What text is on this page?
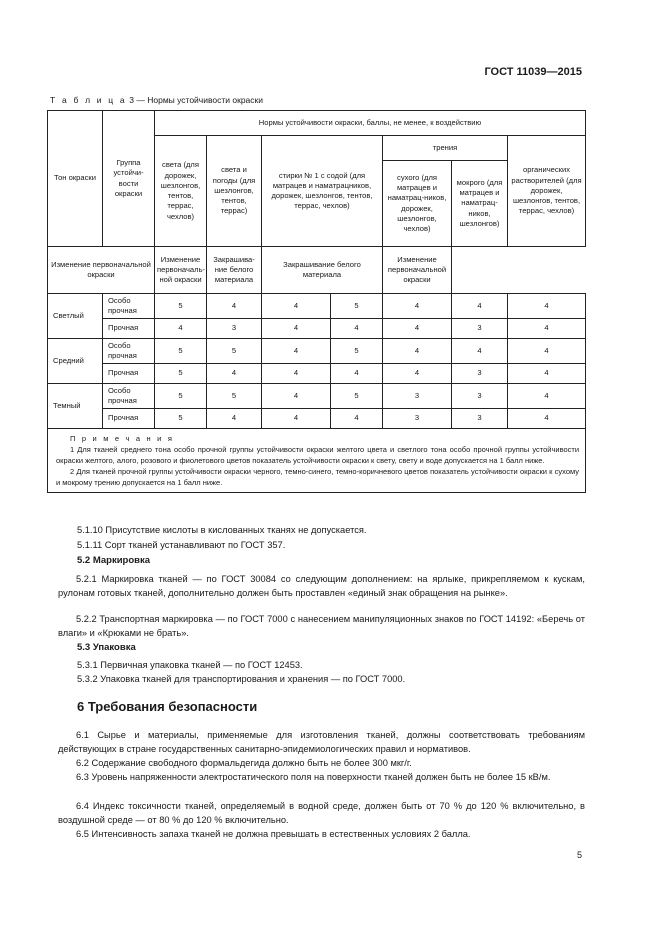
ГОСТ 11039—2015
Т а б л и ц а 3 — Нормы устойчивости окраски
Тон окраски	Группа устойчи-вости окраски	Нормы устойчивости окраски, баллы, не менее, к воздействию						
		света (для дорожек, шезлонгов, тентов, террас, чехлов)	света и погоды (для шезлонгов, тентов, террас)	стирки № 1 с содой (для матрацев и наматрацников, дорожек, шезлонгов, тентов, террас, чехлов)		трения		органических растворителей (для дорожек, шезлонгов, тентов, террас, чехлов)
						сухого (для матрацев и наматрац-ников, дорожек, шезлонгов, чехлов)	мокрого (для матрацев и наматрац-ников, шезлонгов)	
Изменение первоначальной окраски		Изменение первоначаль-ной окраски	Закрашива-ние белого материала	Закрашивание белого материала		Изменение первоначальной окраски		
Светлый	Особо прочная	5	4	4	5	4	4	4
	Прочная	4	3	4	4	4	3	4
Средний	Особо прочная	5	5	4	5	4	4	4
	Прочная	5	4	4	4	4	3	4
Темный	Особо прочная	5	5	4	5	3	3	4
	Прочная	5	4	4	4	3	3	4

П р и м е ч а н и я

1 Для тканей среднего тона особо прочной группы устойчивости окраски желтого цвета и светлого тона особо прочной группы устойчивости окраски желтого, алого, розового и фиолетового цветов показатель устойчивости окраски к свету, свету и воде допускается на 1 балл ниже.

2 Для тканей прочной группы устойчивости окраски черного, темно-синего, темно-коричневого цветов показатель устойчивости окраски к сухому и мокрому трению допускается на 1 балл ниже.								

5.1.10 Присутствие кислоты в кислованных тканях не допускается.
5.1.11 Сорт тканей устанавливают по ГОСТ 357.
5.2 Маркировка

5.2.1 Маркировка тканей — по ГОСТ 30084 со следующим дополнением: на ярлыке, прикрепляемом к кускам, рулонам готовых тканей, дополнительно должен быть проставлен «единый знак обращения на рынке».

5.2.2 Транспортная маркировка — по ГОСТ 7000 с нанесением манипуляционных знаков по ГОСТ 14192: «Беречь от влаги» и «Крюками не брать».

5.3 Упаковка
5.3.1 Первичная упаковка тканей — по ГОСТ 12453.
5.3.2 Упаковка тканей для транспортирования и хранения — по ГОСТ 7000.
6 Требования безопасности

6.1 Сырье и материалы, применяемые для изготовления тканей, должны соответствовать требованиям действующих в стране государственных санитарно-эпидемиологических правил и нормативов.

6.2 Содержание свободного формальдегида должно быть не более 300 мкг/г.

6.3 Уровень напряженности электростатического поля на поверхности тканей должен быть не более 15 кВ/м.

6.4 Индекс токсичности тканей, определяемый в водной среде, должен быть от 70 % до 120 % включительно, в воздушной среде — от 80 % до 120 % включительно.

6.5 Интенсивность запаха тканей не должна превышать в естественных условиях 2 балла.

5
